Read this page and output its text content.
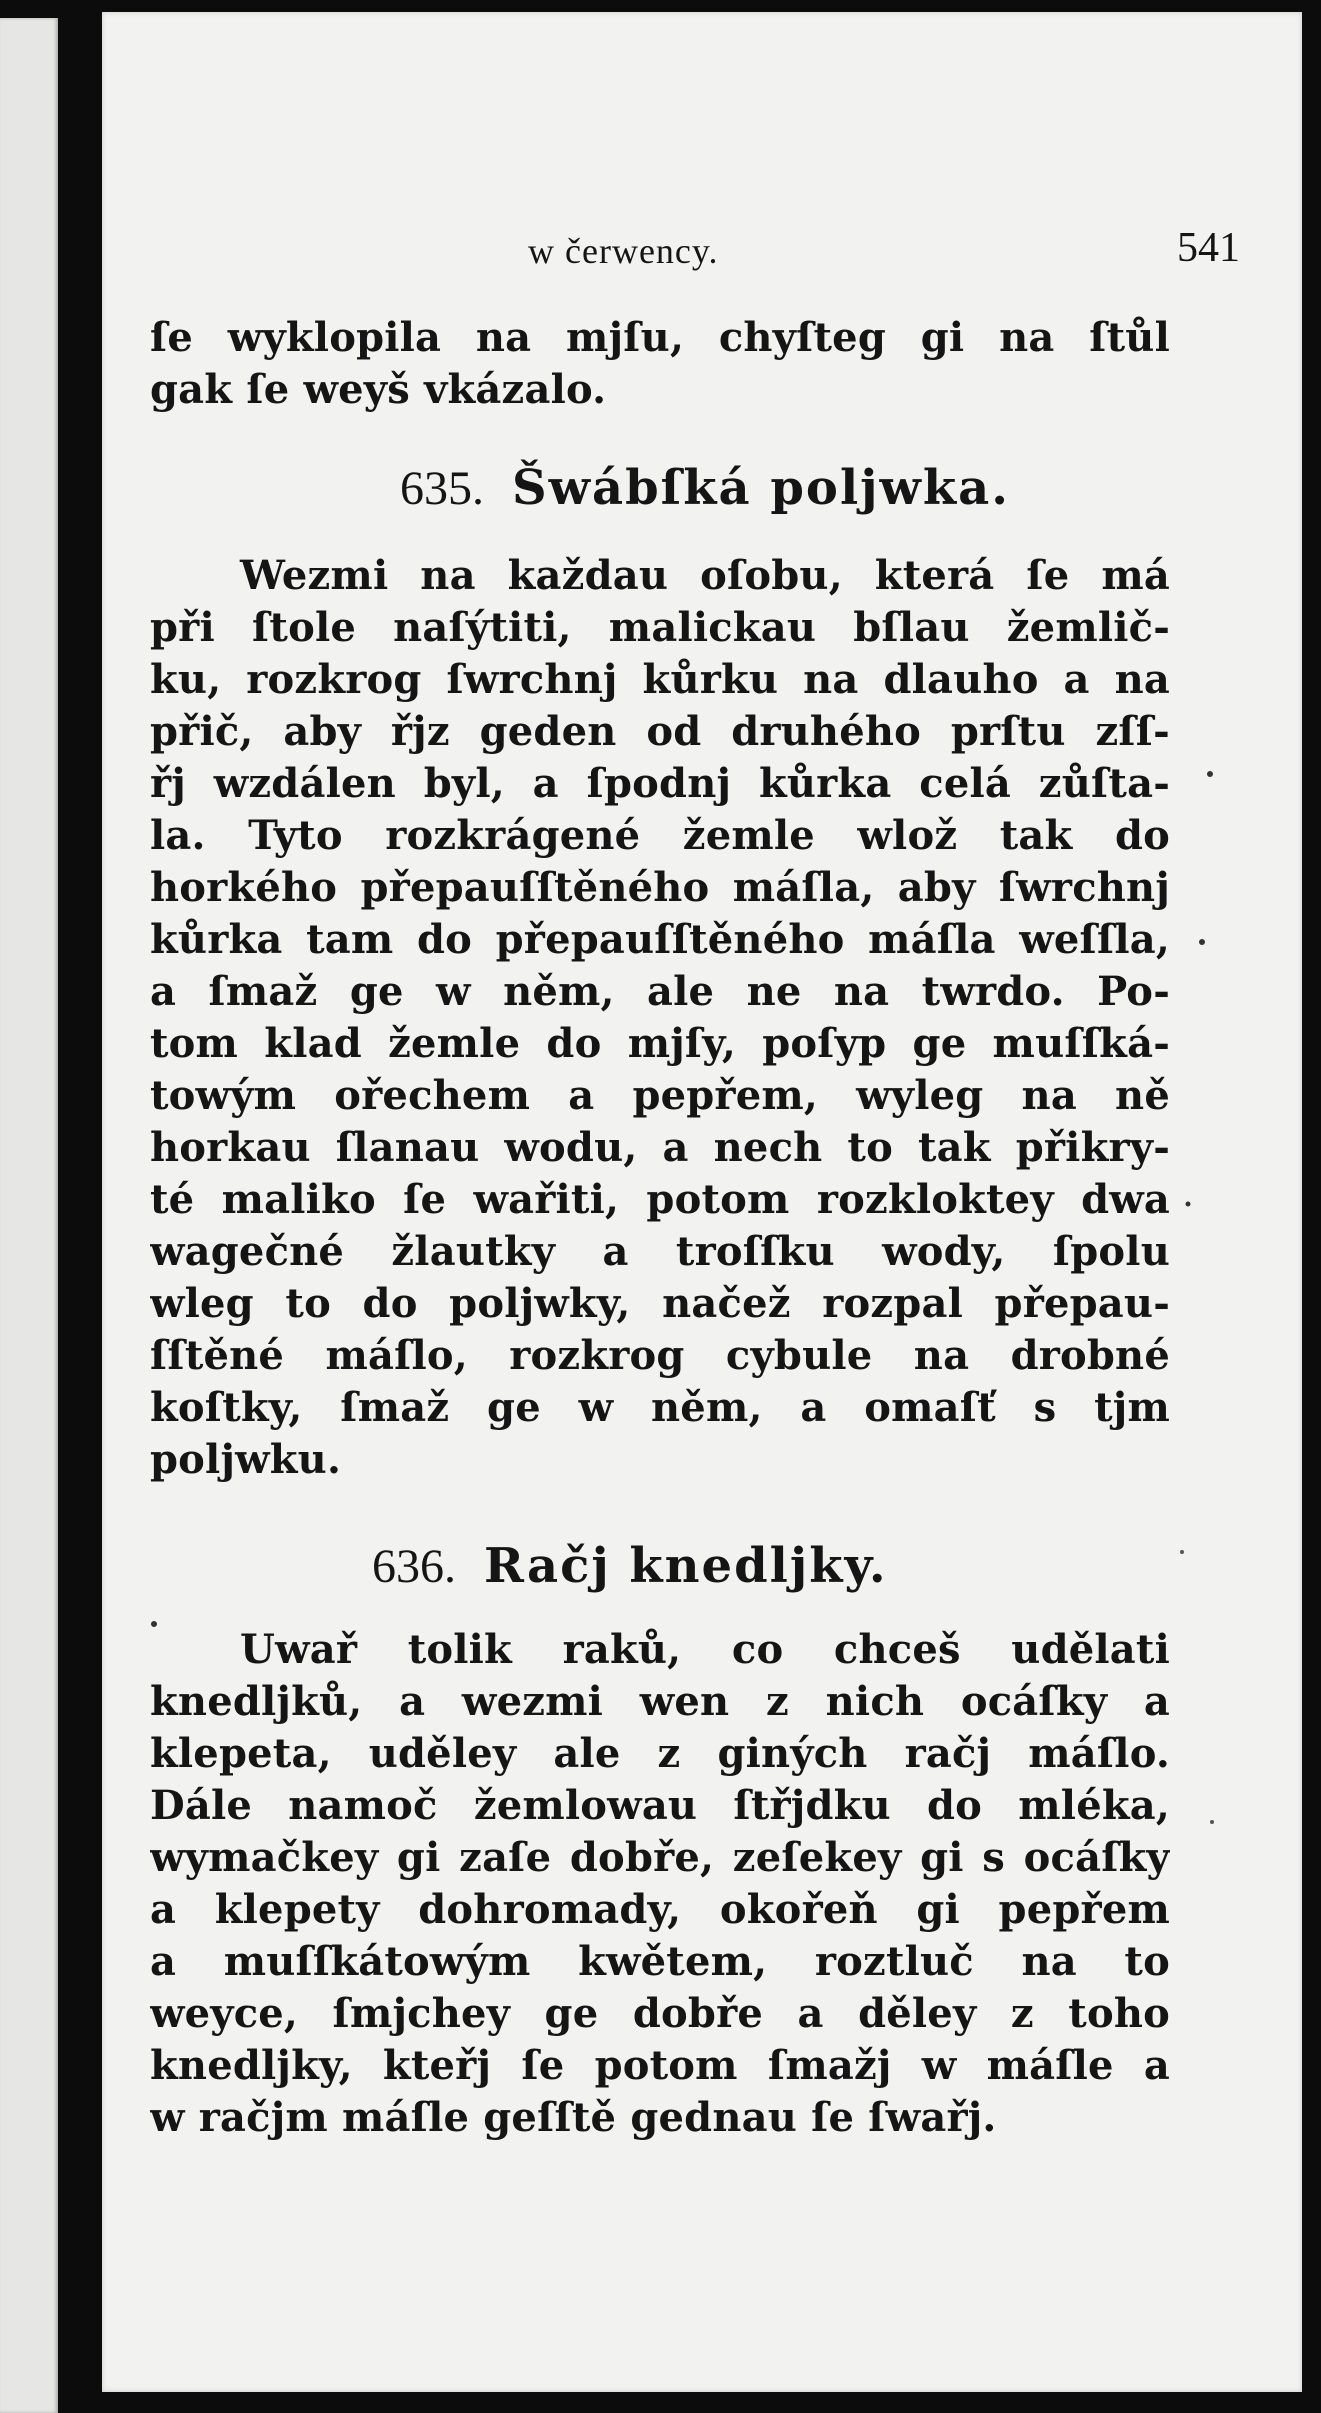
w čerwency.	541
ſe wyklopila na mjſu, chyſteg gi na ſtůl
gak ſe weyš vkázalo.
635. Šwábſká poljwka.
Wezmi na každau oſobu, která ſe má
při ſtole naſýtiti, malickau bſlau žemlič-
ku, rozkrog ſwrchnj kůrku na dlauho a na
přič, aby řjz geden od druhého prſtu zſſ-
řj wzdálen byl, a ſpodnj kůrka celá zůſta-
la. Tyto rozkrágené žemle wlož tak do
horkého přepauſſtěného máſla, aby ſwrchnj
kůrka tam do přepauſſtěného máſla weſſla,
a ſmaž ge w něm, ale ne na twrdo. Po-
tom klad žemle do mjſy, poſyp ge muſſká-
towým ořechem a pepřem, wyleg na ně
horkau ſlanau wodu, a nech to tak přikry-
té maliko ſe wařiti, potom rozkloktey dwa
wagečné žlautky a troſſku wody, ſpolu
wleg to do poljwky, načež rozpal přepau-
ſſtěné máſlo, rozkrog cybule na drobné
koſtky, ſmaž ge w něm, a omaſť s tjm
poljwku.
636. Račj knedljky.
Uwař tolik raků, co chceš udělati
knedljků, a wezmi wen z nich ocáſky a
klepeta, uděley ale z giných račj máſlo.
Dále namoč žemlowau ſtřjdku do mléka,
wymačkey gi zaſe dobře, zeſekey gi s ocáſky
a klepety dohromady, okořeň gi pepřem
a muſſkátowým kwětem, roztluč na to
weyce, ſmjchey ge dobře a děley z toho
knedljky, kteřj ſe potom ſmažj w máſle a
w račjm máſle geſſtě gednau ſe ſwařj.
